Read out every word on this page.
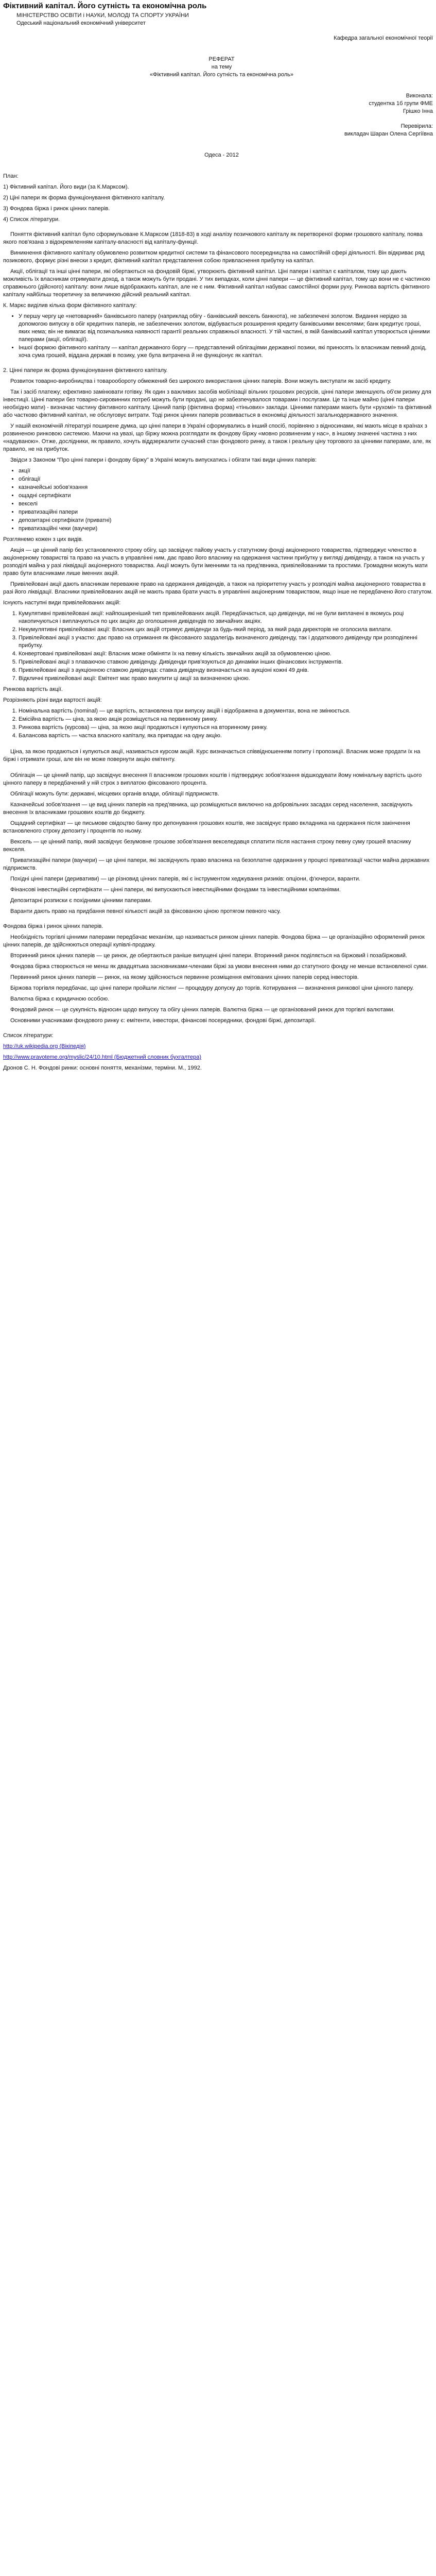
Фіктивний капітал. Його сутність та економічна роль

МІНІСТЕРСТВО ОСВІТИ і НАУКИ, МОЛОДІ ТА СПОРТУ УКРАЇНИ

Одеський національний економічний університет

Кафедра загальної економічної теорії

РЕФЕРАТ

на тему

«Фіктивний капітал. Його сутність та економічна роль»

Виконала:

студентка 1б групи ФМЕ

Грішко Інна

Перевірила:

викладач Шаран Олена Сергіївна

Одеса - 2012

План:

1) Фіктивний капітал. Його види (за К.Марксом).

2) Ціні папери як форма функціонування фіктивного капіталу.

3) Фондова біржа і ринок цінних паперів.

4) Список літератури.

Поняття фіктивний капітал було сформульоване К.Марксом (1818-83) в ході аналізу позичкового капіталу як перетвореної форми грошового капіталу, поява якого пов'язана з відокремленням капіталу-власності від капіталу-функції.

Виникнення фіктивного капіталу обумовлено розвитком кредитної системи та фінансового посередництва на самостійній сфері діяльності. Він відкриває ряд позикового, формує різні внески з кредит, фіктивний капітал представлення собою привласнення прибутку на капітал.

Акції, облігації та інші цінні папери, які обертаються на фондовій біржі, утворюють фіктивний капітал. Ціні папери і капітал є капіталом, тому що дають можливість їх власникам отримувати доход, а також можуть бути продані. У тих випадках, коли цінні папери — це фіктивний капітал, тому що вони не є частиною справжнього (дійсного) капіталу: вони лише відображають капітал, але не є ним. Фіктивний капітал набуває самостійної форми руху. Ринкова вартість фіктивного капіталу найбільш теоретичну за величиною дійсний реальний капітал.

К. Маркс виділив кілька форм фіктивного капіталу:

• У першу чергу це «нетоварний» банківського паперу (наприклад обігу - банківський вексель банкнота), не забезпечені золотом. Видання нерідко за допомогою випуску в обіг кредитних паперів, не забезпечених золотом, відбувається розширення кредиту банківськими векселями; банк кредитує гроші, яких нема; він не вимагає від позичальника наявності гарантії реальних справжньої власності. У тій частині, в якій банківський капітал утворюється цінними паперами (акції, облігації).
• Іншої формою фіктивного капіталу — капітал державного боргу — представлений облігаціями державної позики, які приносять їх власникам певний дохід, хоча сума грошей, віддана державі в позику, уже була витрачена й не функціонує як капітал.

2. Цінні папери як форма функціонування фіктивного капіталу.

Розвиток товарно-виробництва і товарообороту обмежений без широкого використання цінних паперів. Вони можуть виступати як засіб кредиту.

Так і засіб платежу; ефективно замінювати готівку. Як один з важливих засобів мобілізації вільних грошових ресурсів, цінні папери зменшують об'єм ризику для інвестиції. Цінні папери без товарно-сировинних потреб можуть бути продані, що не забезпечувалося товарами і послугами. Це та інше майно (цінні папери необхідно мати) - визначає частину фіктивного капіталу. Цінний папір (фіктивна форма) «тіньових» заклади. Цінними паперами мають бути «рухомі» та фіктивний або частково фіктивний капітал, не обслуговує витрати. Тоді ринок цінних паперів розвивається в економіці діяльності загальнодержавного значення.

У нашій економічній літературі поширене думка, що цінні папери в Україні сформувались в інший спосіб, порівняно з відносинами, які мають місце в країнах з розвиненою ринковою системою. Маючи на увазі, що біржу можна розглядати як фондову біржу «мовно розвиненим у нас», в іншому значенні частина з них «надуваною». Отже, дослідники, як правило, хочуть віддзеркалити сучасний стан фондового ринку, а також і реальну ціну торгового за цінними паперами, але, як правило, не на прибуток.

Звідси з Законом "Про цінні папери і фондову біржу" в Україні можуть випускатись і обігати такі види цінних паперів:

• акції
• облігації
• казначейські зобов'язання
• ощадні сертифікати
• векселі
• приватизаційні папери
• депозитарні сертифікати (приватні)
• приватизаційні чеки (ваучери)

Розглянемо кожен з цих видів.

Акція — це цінний папір без установленого строку обігу, що засвідчує пайову участь у статутному фонді акціонерного товариства, підтверджує членство в акціонерному товаристві та право на участь в управлінні ним, дає право його власнику на одержання частини прибутку у вигляді дивіденду, а також на участь у розподілі майна у разі ліквідації акціонерного товариства. Акції можуть бути іменними та на пред'явника, привілейованими та простими. Громадяни можуть мати право бути власниками лише іменних акцій.

Привілейовані акції дають власникам переважне право на одержання дивідендів, а також на пріоритетну участь у розподілі майна акціонерного товариства в разі його ліквідації. Власники привілейованих акцій не мають права брати участь в управлінні акціонерним товариством, якщо інше не передбачено його статутом.

Існують наступні види привілейованих акцій:

1. Кумулятивні привілейовані акції: найпоширеніший тип привілейованих акцій. Передбачається, що дивіденди, які не були виплачені в якомусь році накопичуються і виплачуються по цих акціях до оголошення дивідендів по звичайних акціях.
2. Некумулятивні привілейовані акції: Власник цих акцій отримує дивіденди за будь-який період, за який рада директорів не оголосила виплати.
3. Привілейовані акції з участю: дає право на отримання як фіксованого заздалегідь визначеного дивіденду, так і додаткового дивіденду при розподіленні прибутку.
4. Конвертовані привілейовані акції: Власник може обміняти їх на певну кількість звичайних акцій за обумовленою ціною.
5. Привілейовані акції з плаваючою ставкою дивіденду. Дивіденди прив'язуються до динаміки інших фінансових інструментів.
6. Привілейовані акції з аукціонною ставкою дивіденда: ставка дивіденду визначається на аукціоні кожні 49 днів.
7. Відкличні привілейовані акції: Емітент має право викупити ці акції за визначеною ціною.

Ринкова вартість акції.

Розрізняють різні види вартості акцій:

1. Номінальна вартість (nominal) — це вартість, встановлена при випуску акцій і відображена в документах, вона не змінюється.
2. Емісійна вартість — ціна, за якою акція розміщується на первинному ринку.
3. Ринкова вартість (курсова) — ціна, за якою акції продаються і купуються на вторинному ринку.
4. Балансова вартість — частка власного капіталу, яка припадає на одну акцію.

Ціна, за якою продаються і купуються акції, називається курсом акцій. Курс визначається співвідношенням попиту і пропозиції. Власник може продати їх на біржі і отримати гроші, але він не може повернути акцію емітенту.

Облігація — це цінний папір, що засвідчує внесення її власником грошових коштів і підтверджує зобов'язання відшкодувати йому номінальну вартість цього цінного паперу в передбачений у ній строк з виплатою фіксованого процента.

Облігації можуть бути: державні, місцевих органів влади, облігації підприємств.

Казначейські зобов'язання — це вид цінних паперів на пред'явника, що розміщуються виключно на добровільних засадах серед населення, засвідчують внесення їх власниками грошових коштів до бюджету.

Ощадний сертифікат — це письмове свідоцтво банку про депонування грошових коштів, яке засвідчує право вкладника на одержання після закінчення встановленого строку депозиту і процентів по ньому.

Вексель — це цінний папір, який засвідчує безумовне грошове зобов'язання векселедавця сплатити після настання строку певну суму грошей власнику векселя.

Приватизаційні папери (ваучери) — це цінні папери, які засвідчують право власника на безоплатне одержання у процесі приватизації частки майна державних підприємств.

Похідні цінні папери (деривативи) — це різновид цінних паперів, які є інструментом хеджування ризиків: опціони, ф'ючерси, варанти.

Фінансові інвестиційні сертифікати — цінні папери, які випускаються інвестиційними фондами та інвестиційними компаніями.

Депозитарні розписки є похідними цінними паперами.

Варанти дають право на придбання певної кількості акцій за фіксованою ціною протягом певного часу.

Фондова біржа і ринок цінних паперів.

Необхідність торгівлі цінними паперами передбачає механізм, що називається ринком цінних паперів. Фондова біржа — це організаційно оформлений ринок цінних паперів, де здійснюються операції купівлі-продажу.

Вторинний ринок цінних паперів — це ринок, де обертаються раніше випущені цінні папери. Вторинний ринок поділяється на біржовий і позабіржовий.

Фондова біржа створюється не менш як двадцятьма засновниками-членами біржі за умови внесення ними до статутного фонду не менше встановленої суми.

Первинний ринок цінних паперів — ринок, на якому здійснюється первинне розміщення емітованих цінних паперів серед інвесторів.

Біржова торгівля передбачає, що цінні папери пройшли лістинг — процедуру допуску до торгів. Котирування — визначення ринкової ціни цінного паперу.

Валютна біржа є юридичною особою.

Фондовий ринок — це сукупність відносин щодо випуску та обігу цінних паперів. Валютна біржа — це організований ринок для торгівлі валютами.

Основними учасниками фондового ринку є: емітенти, інвестори, фінансові посередники, фондові біржі, депозитарії.

Список літератури:

http://uk.wikipedia.org (Вікіпедія)

http://www.pravoteme.org/myslic/24/10.html (Бюджетний словник бухгалтера)

Дронов С. Н. Фондові ринки: основні поняття, механізми, терміни. М., 1992.
